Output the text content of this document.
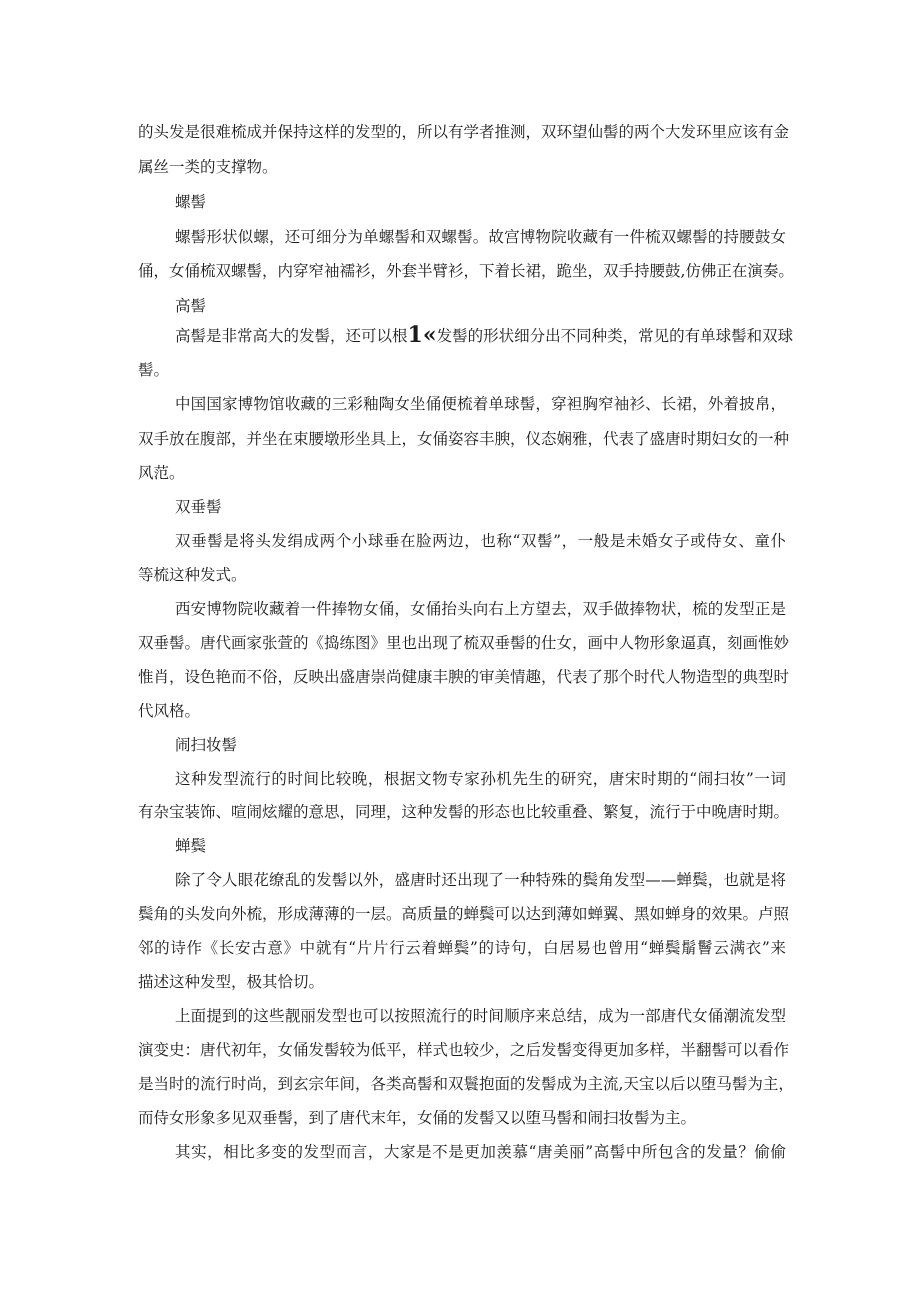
的头发是很难梳成并保持这样的发型的，所以有学者推测，双环望仙髻的两个大发环里应该有金

属丝一类的支撑物。

螺髻

螺髻形状似螺，还可细分为单螺髻和双螺髻。故宫博物院收藏有一件梳双螺髻的持腰鼓女

俑，女俑梳双螺髻，内穿窄袖襦衫，外套半臂衫，下着长裙，跪坐，双手持腰鼓,仿佛正在演奏。

高髻

高髻是非常高大的发髻，还可以根1«发髻的形状细分出不同种类，常见的有单球髻和双球

髻。

中国国家博物馆收藏的三彩釉陶女坐俑便梳着单球髻，穿袒胸窄袖衫、长裙，外着披帛，

双手放在腹部，并坐在束腰墩形坐具上，女俑姿容丰腴，仪态娴雅，代表了盛唐时期妇女的一种

风范。

双垂髻

双垂髻是将头发绢成两个小球垂在脸两边，也称“双髻”，一般是未婚女子或侍女、童仆

等梳这种发式。

西安博物院收藏着一件捧物女俑，女俑抬头向右上方望去，双手做捧物状，梳的发型正是

双垂髻。唐代画家张萱的《捣练图》里也出现了梳双垂髻的仕女，画中人物形象逼真，刻画惟妙

惟肖，设色艳而不俗，反映出盛唐崇尚健康丰腴的审美情趣，代表了那个时代人物造型的典型时

代风格。

闹扫妆髻

这种发型流行的时间比较晚，根据文物专家孙机先生的研究，唐宋时期的“闹扫妆”一词

有杂宝装饰、喧闹炫耀的意思，同理，这种发髻的形态也比较重叠、繁复，流行于中晚唐时期。

蝉鬓

除了令人眼花缭乱的发髻以外，盛唐时还出现了一种特殊的鬓角发型——蝉鬓，也就是将

鬓角的头发向外梳，形成薄薄的一层。高质量的蝉鬓可以达到薄如蝉翼、黑如蝉身的效果。卢照

邻的诗作《长安古意》中就有“片片行云着蝉鬓”的诗句，白居易也曾用“蝉鬓鬅鬙云满衣”来

描述这种发型，极其恰切。

上面提到的这些靓丽发型也可以按照流行的时间顺序来总结，成为一部唐代女俑潮流发型

演变史：唐代初年，女俑发髻较为低平，样式也较少，之后发髻变得更加多样，半翻髻可以看作

是当时的流行时尚，到玄宗年间，各类高髻和双鬟抱面的发髻成为主流,天宝以后以堕马髻为主，

而侍女形象多见双垂髻，到了唐代末年，女俑的发髻又以堕马髻和闹扫妆髻为主。

其实，相比多变的发型而言，大家是不是更加羡慕“唐美丽”高髻中所包含的发量？偷偷
